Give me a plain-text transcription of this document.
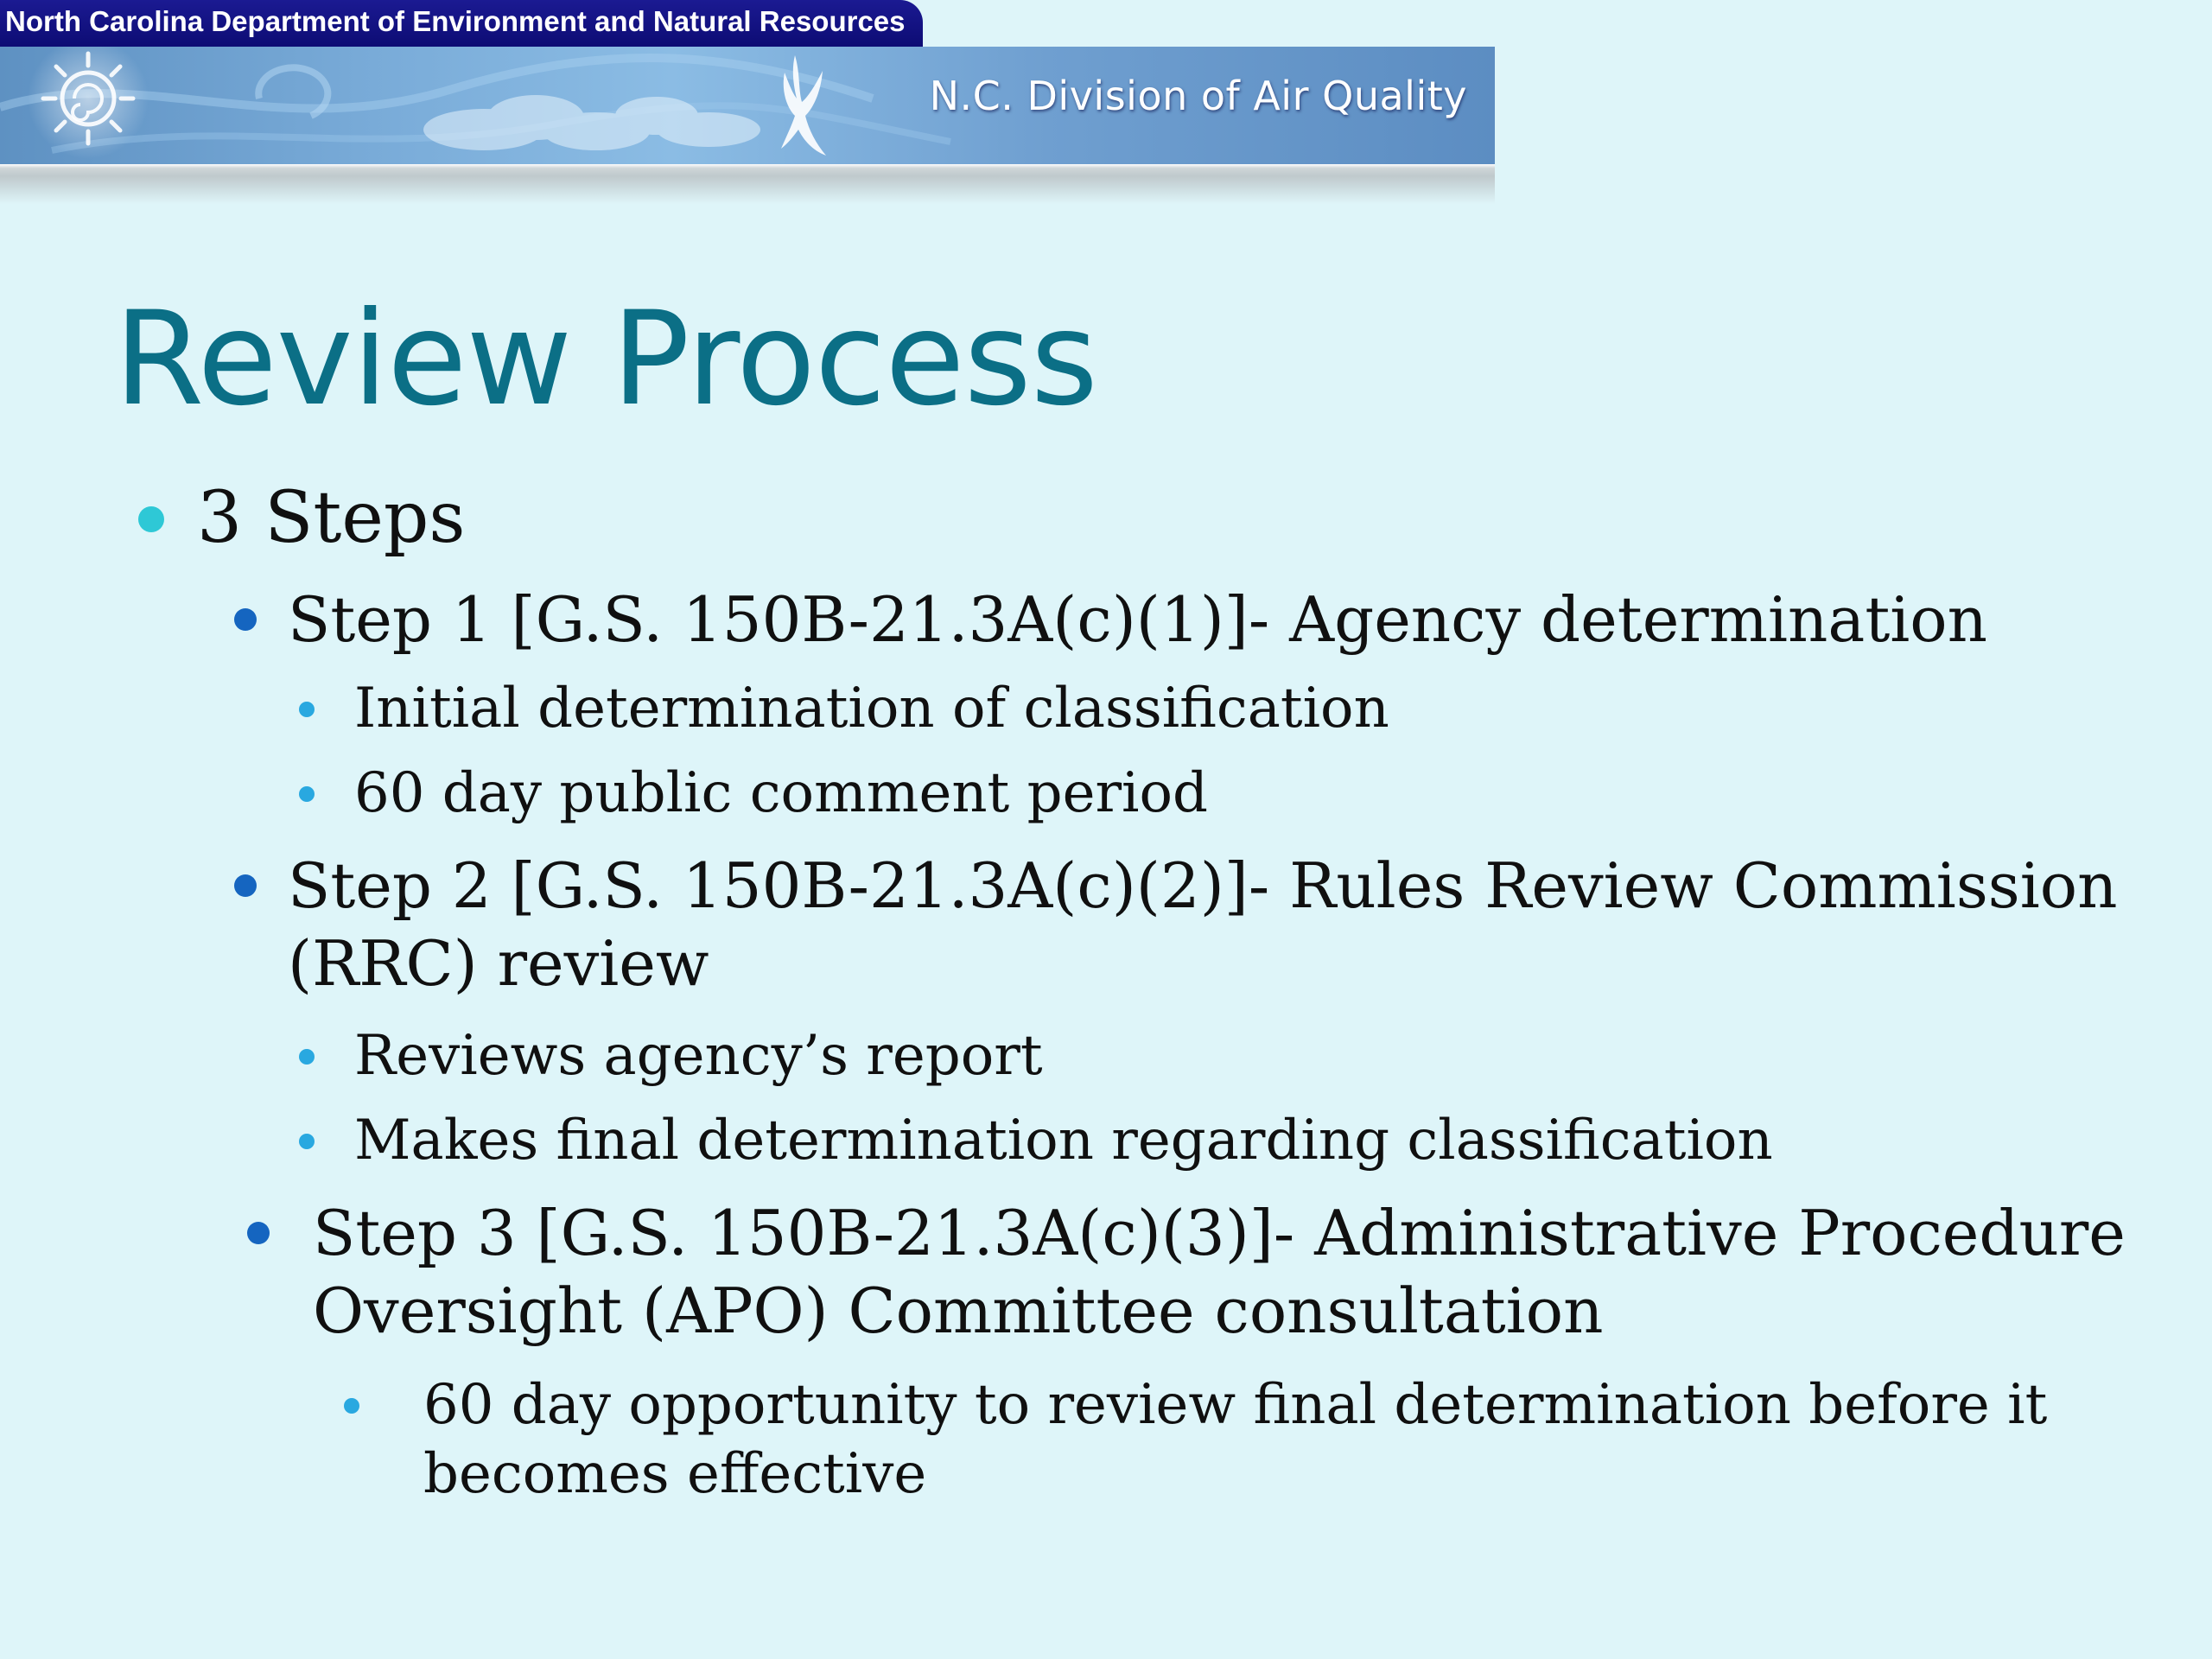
North Carolina Department of Environment and Natural Resources
N.C. Division of Air Quality
Review Process
3 Steps
Step 1 [G.S. 150B-21.3A(c)(1)]- Agency determination
Initial determination of classification
60 day public comment period
Step 2 [G.S. 150B-21.3A(c)(2)]- Rules Review Commission (RRC) review
Reviews agency’s report
Makes final determination regarding classification
Step 3 [G.S. 150B-21.3A(c)(3)]- Administrative Procedure Oversight (APO) Committee consultation
60 day opportunity to review final determination before it becomes effective
